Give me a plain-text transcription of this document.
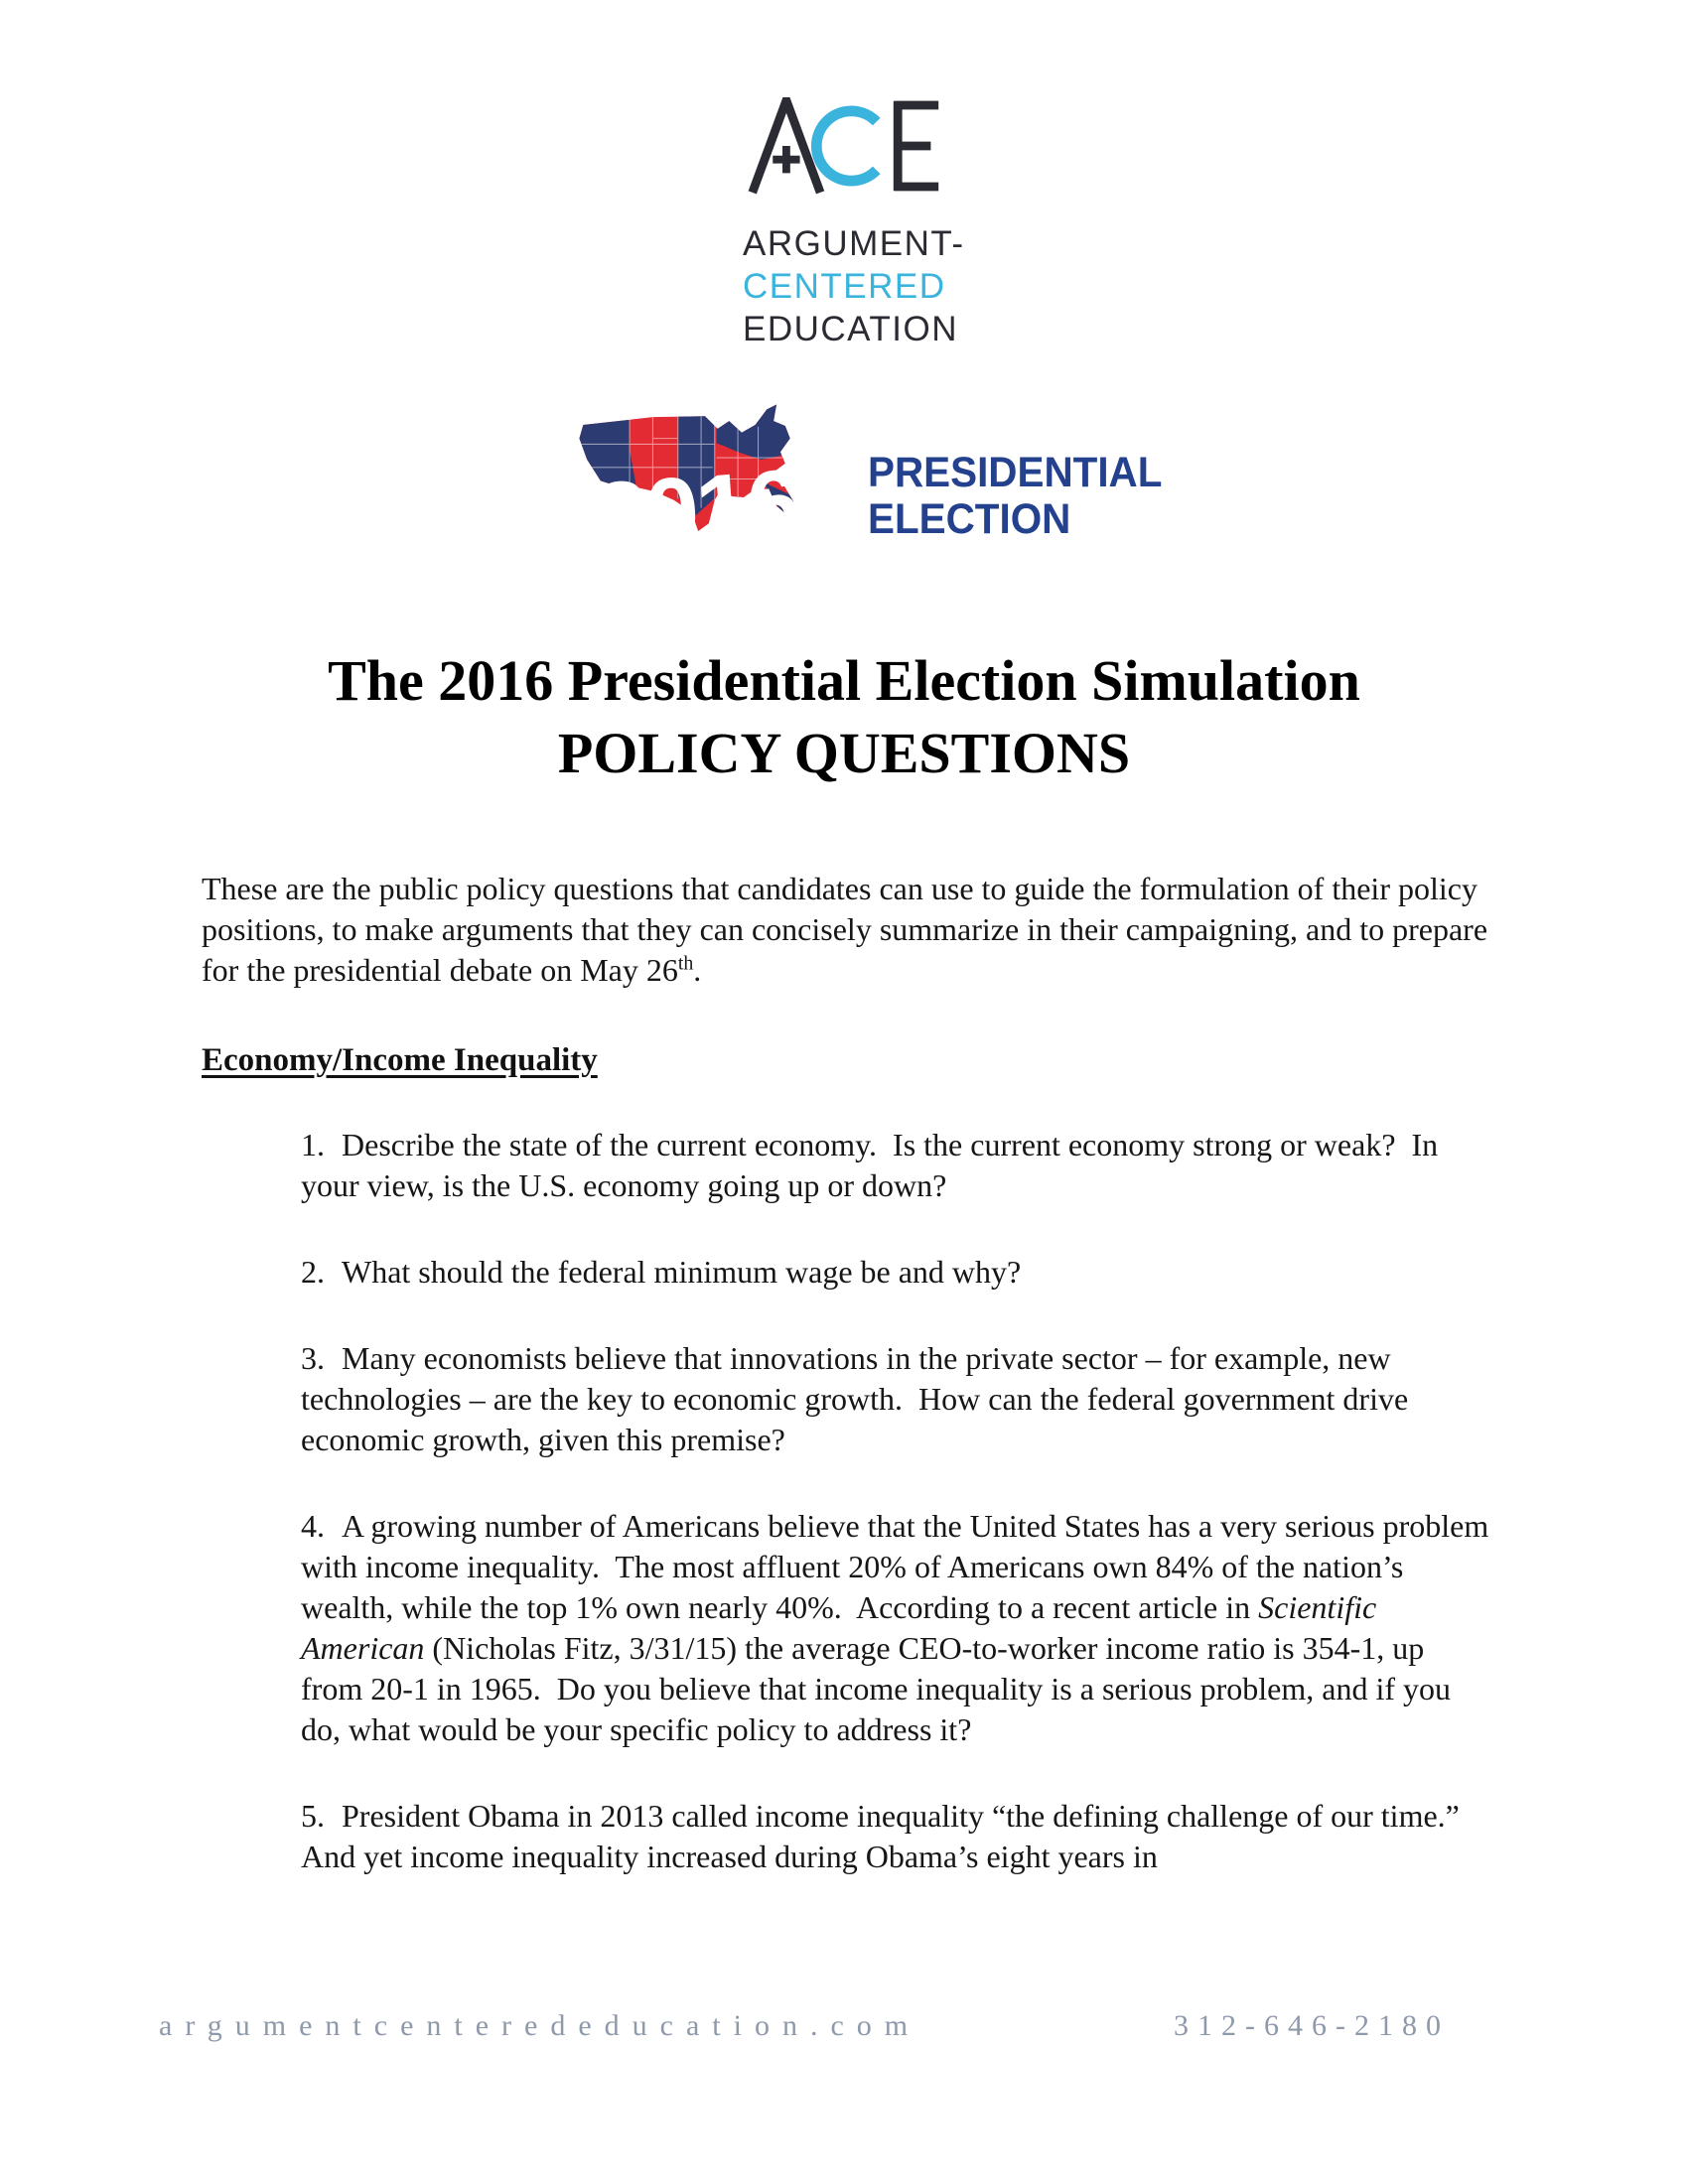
ARGUMENT-
CENTERED
EDUCATION
2016 PRESIDENTIAL
ELECTION
The 2016 Presidential Election Simulation
POLICY QUESTIONS

These are the public policy questions that candidates can use to guide the formulation of their policy positions, to make arguments that they can concisely summarize in their campaigning, and to prepare for the presidential debate on May 26th.

Economy/Income Inequality

1. Describe the state of the current economy.  Is the current economy strong or weak?  In your view, is the U.S. economy going up or down?

2. What should the federal minimum wage be and why?

3. Many economists believe that innovations in the private sector – for example, new technologies – are the key to economic growth.  How can the federal government drive economic growth, given this premise?

4. A growing number of Americans believe that the United States has a very serious problem with income inequality.  The most affluent 20% of Americans own 84% of the nation’s wealth, while the top 1% own nearly 40%.  According to a recent article in Scientific American (Nicholas Fitz, 3/31/15) the average CEO-to-worker income ratio is 354-1, up from 20-1 in 1965.  Do you believe that income inequality is a serious problem, and if you do, what would be your specific policy to address it?

5. President Obama in 2013 called income inequality “the defining challenge of our time.”  And yet income inequality increased during Obama’s eight years in

argumentcenterededucation.com	312-646-2180
